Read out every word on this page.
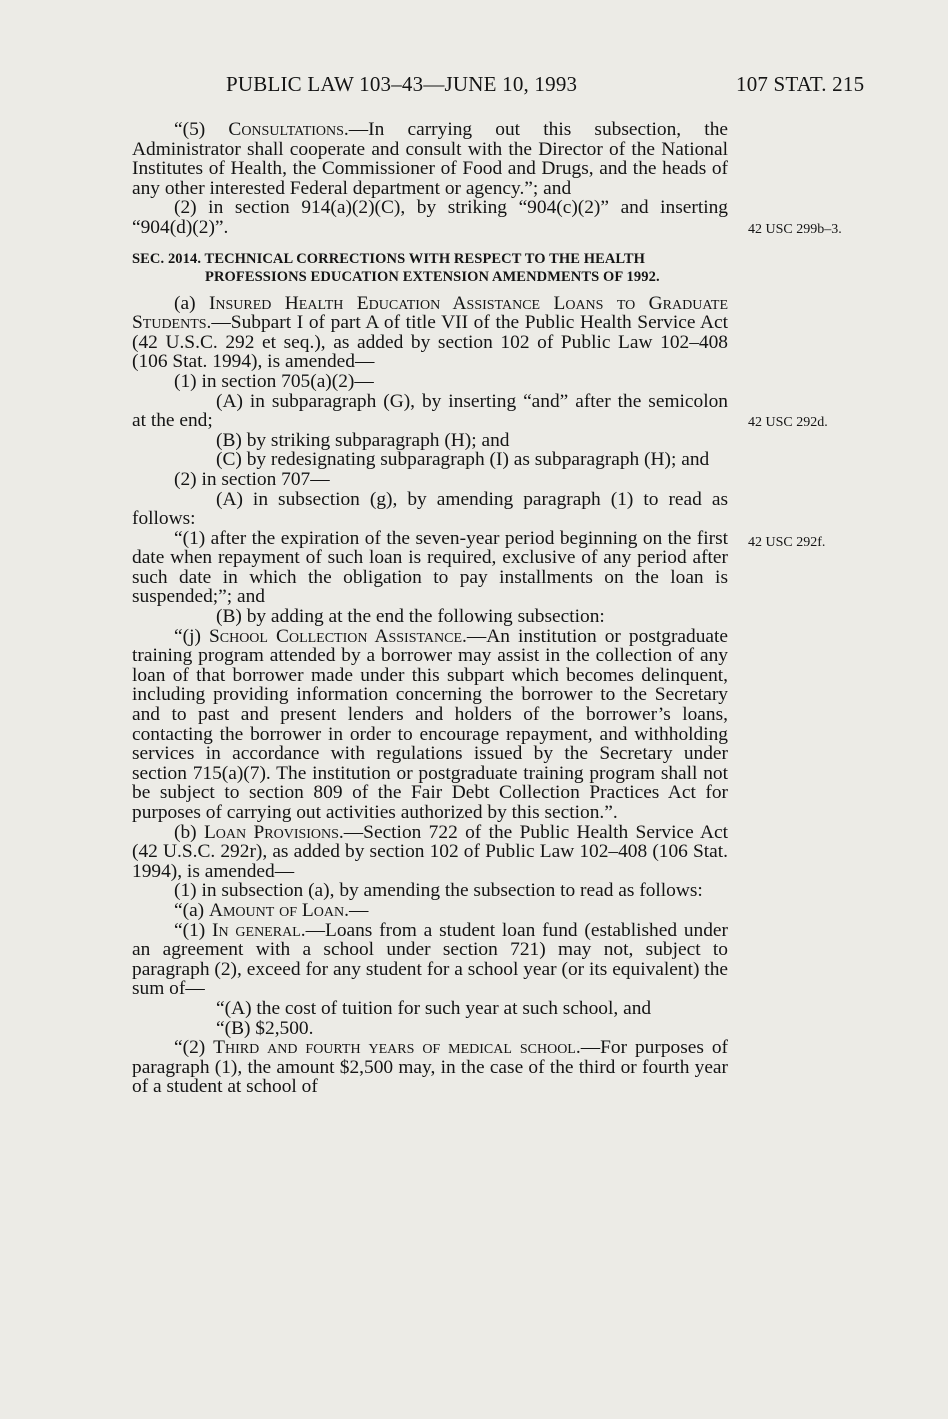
PUBLIC LAW 103–43—JUNE 10, 1993	107 STAT. 215
42 USC 299b–3.
42 USC 292d.
42 USC 292f.

“(5) Consultations.—In carrying out this subsection, the Administrator shall cooperate and consult with the Director of the National Institutes of Health, the Commissioner of Food and Drugs, and the heads of any other interested Federal department or agency.”; and

(2) in section 914(a)(2)(C), by striking “904(c)(2)” and inserting “904(d)(2)”.

SEC. 2014. TECHNICAL CORRECTIONS WITH RESPECT TO THE HEALTH PROFESSIONS EDUCATION EXTENSION AMENDMENTS OF 1992.

(a) Insured Health Education Assistance Loans to Graduate Students.—Subpart I of part A of title VII of the Public Health Service Act (42 U.S.C. 292 et seq.), as added by section 102 of Public Law 102–408 (106 Stat. 1994), is amended—

(1) in section 705(a)(2)—

(A) in subparagraph (G), by inserting “and” after the semicolon at the end;

(B) by striking subparagraph (H); and

(C) by redesignating subparagraph (I) as subparagraph (H); and

(2) in section 707—

(A) in subsection (g), by amending paragraph (1) to read as follows:

“(1) after the expiration of the seven-year period beginning on the first date when repayment of such loan is required, exclusive of any period after such date in which the obligation to pay installments on the loan is suspended;”; and

(B) by adding at the end the following subsection:

“(j) School Collection Assistance.—An institution or postgraduate training program attended by a borrower may assist in the collection of any loan of that borrower made under this subpart which becomes delinquent, including providing information concerning the borrower to the Secretary and to past and present lenders and holders of the borrower’s loans, contacting the borrower in order to encourage repayment, and withholding services in accordance with regulations issued by the Secretary under section 715(a)(7). The institution or postgraduate training program shall not be subject to section 809 of the Fair Debt Collection Practices Act for purposes of carrying out activities authorized by this section.”.

(b) Loan Provisions.—Section 722 of the Public Health Service Act (42 U.S.C. 292r), as added by section 102 of Public Law 102–408 (106 Stat. 1994), is amended—

(1) in subsection (a), by amending the subsection to read as follows:

“(a) Amount of Loan.—

“(1) In general.—Loans from a student loan fund (established under an agreement with a school under section 721) may not, subject to paragraph (2), exceed for any student for a school year (or its equivalent) the sum of—

“(A) the cost of tuition for such year at such school, and

“(B) $2,500.

“(2) Third and fourth years of medical school.—For purposes of paragraph (1), the amount $2,500 may, in the case of the third or fourth year of a student at school of
